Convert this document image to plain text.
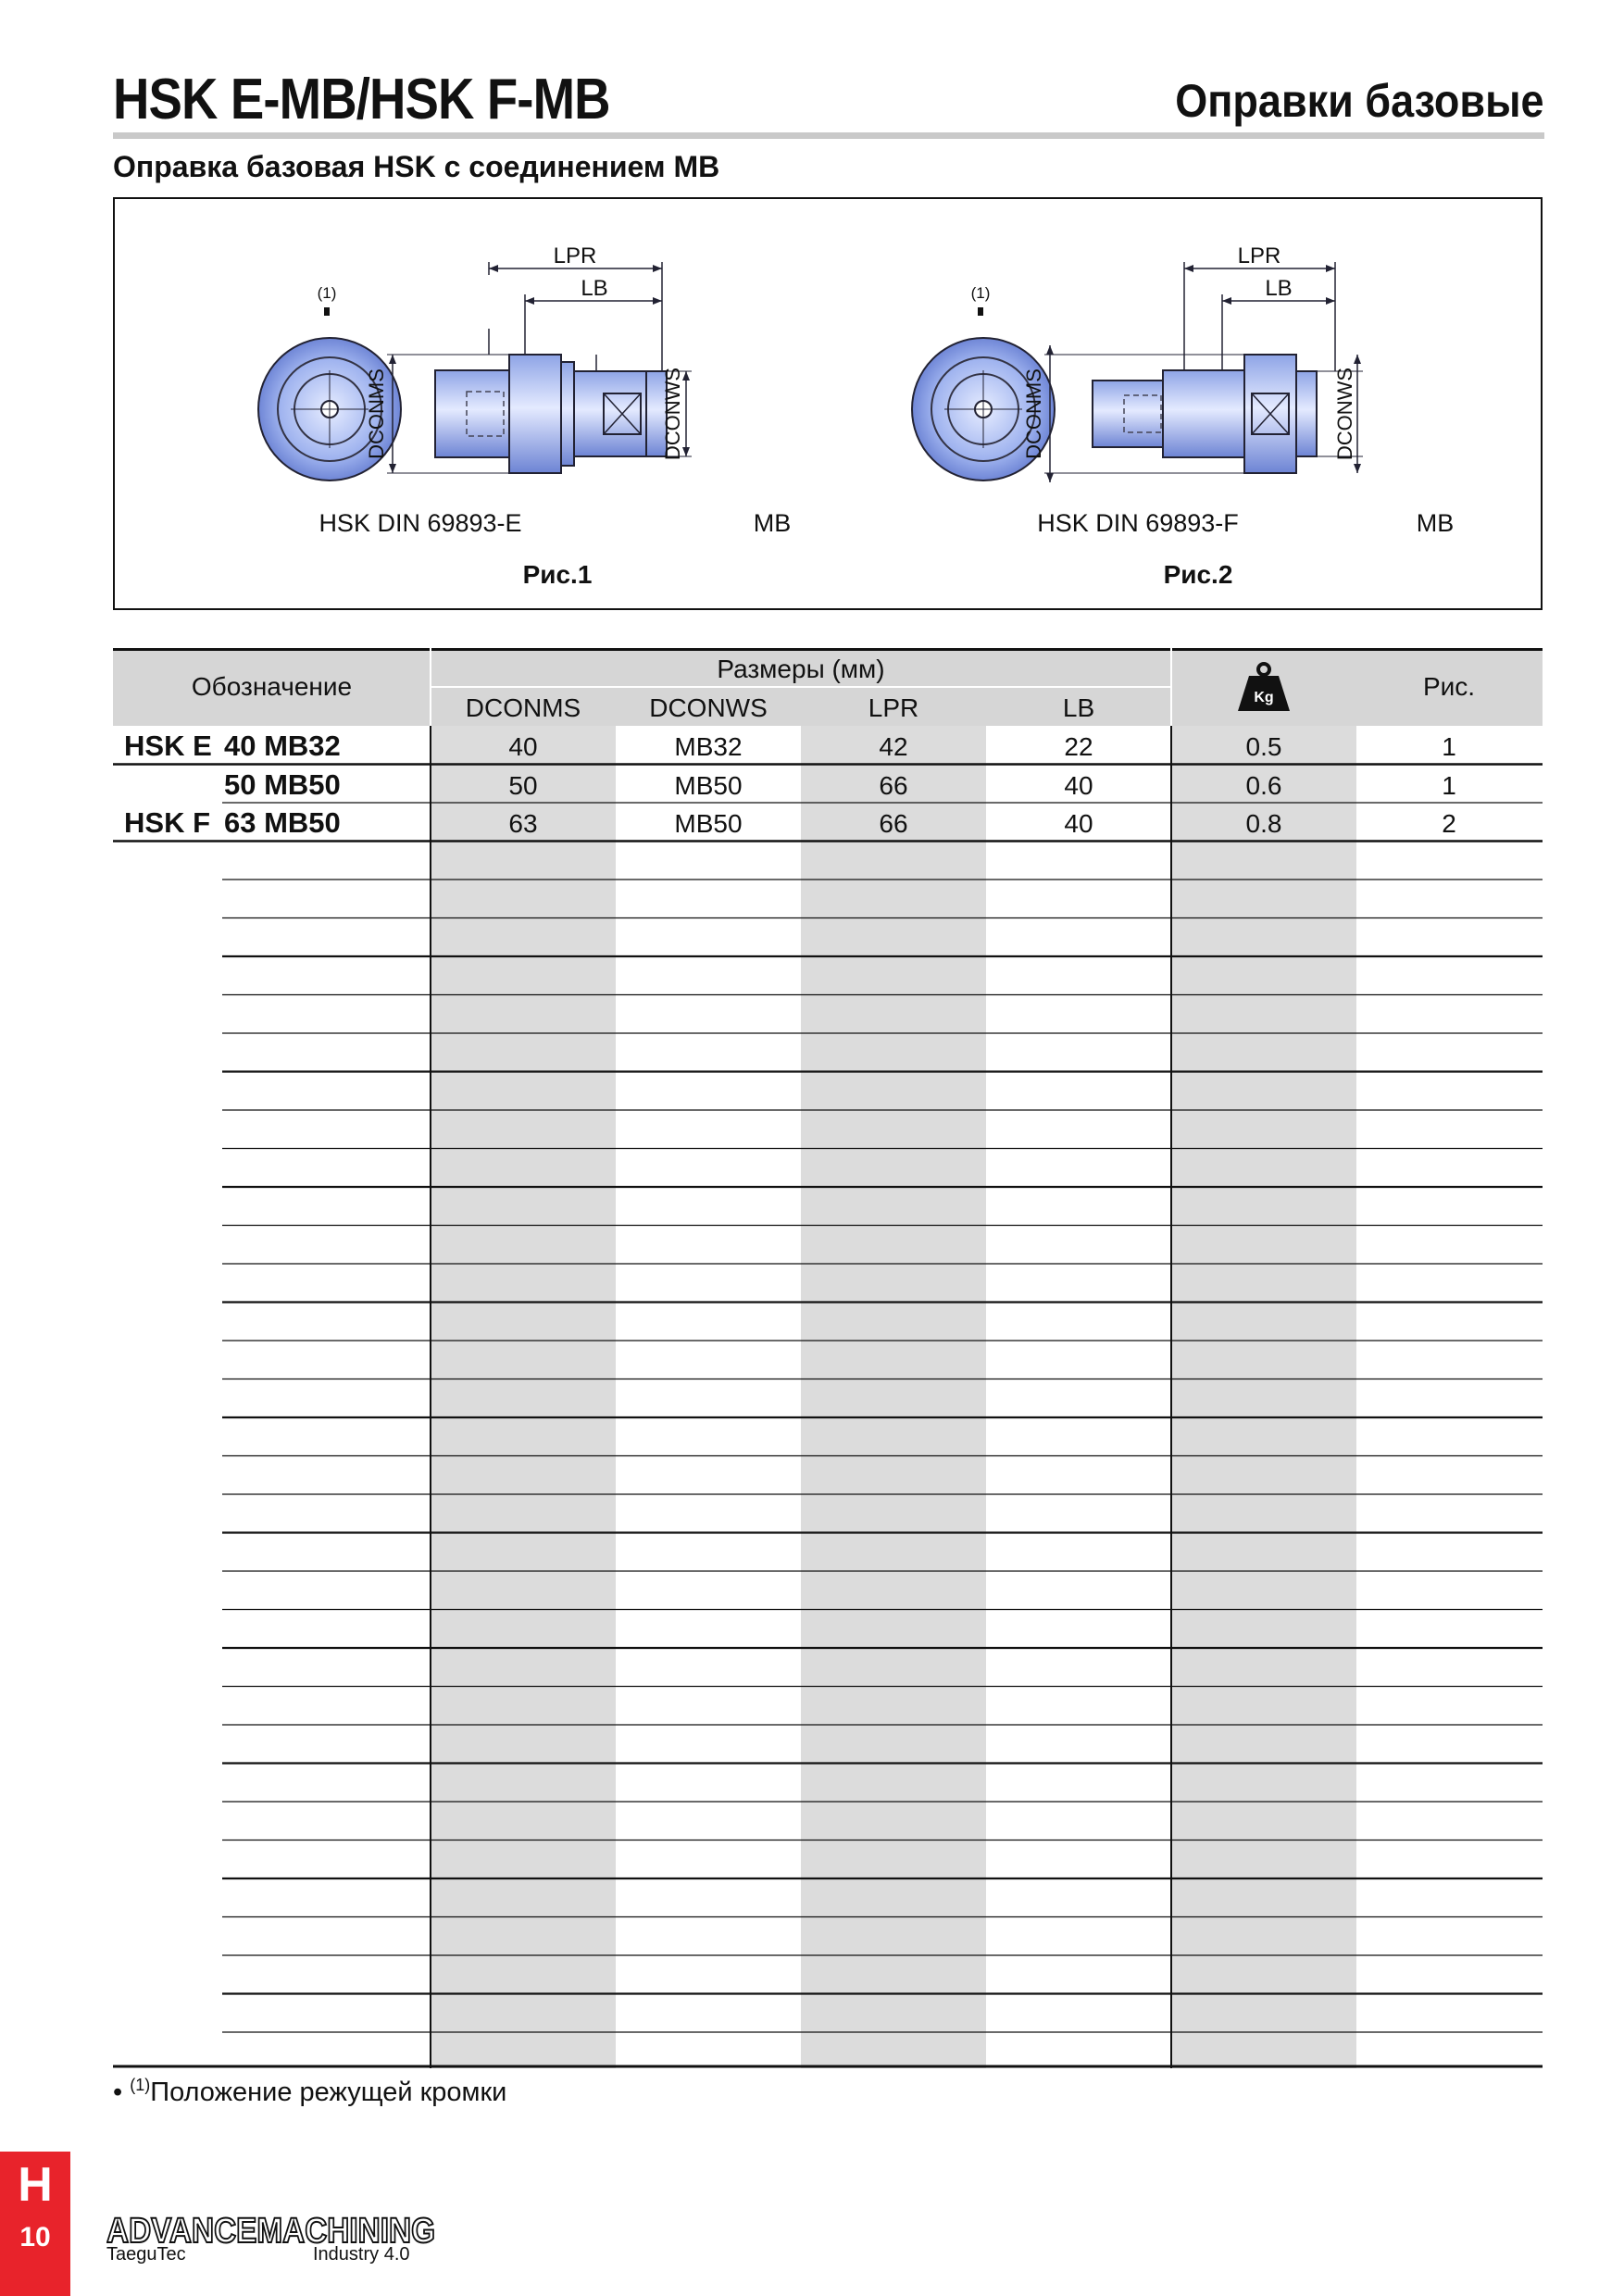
HSK E-MB/HSK F-MB	Оправки базовые
Оправка базовая HSK с соединением МВ
(1)
LPR
LB
DCONMS	DCONWS
HSK DIN 69893-E	MB
Рис.1
(1)
LPR
LB
DCONMS	DCONWS
HSK DIN 69893-F	MB
Рис.2
Обозначение
Размеры (мм)
DCONMS	DCONWS	LPR	LB
Рис.
Kg
HSK E 40 MB32	40	MB32	42	22	0.5	1
50 MB50	50	MB50	66	40	0.6	1
HSK F 63 MB50	63	MB50	66	40	0.8	2
• $^{(1)}$Положение режущей кромки
H
10	ADVANCEMACHINING
TaeguTec	Industry 4.0
